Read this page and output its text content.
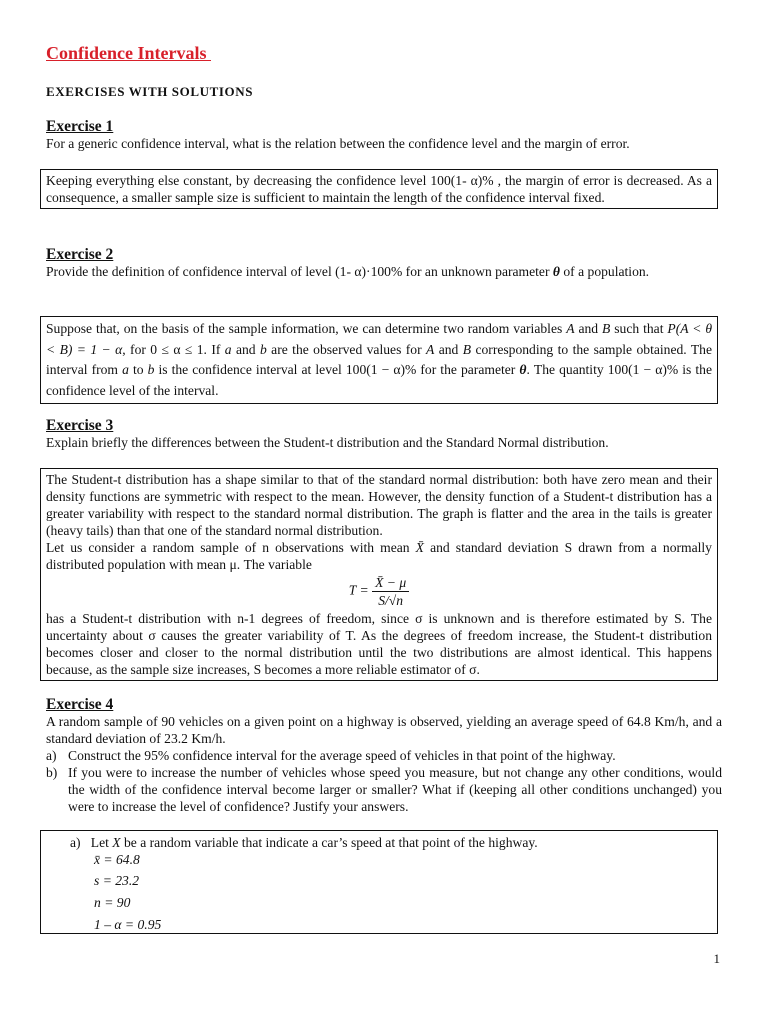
Confidence Intervals
EXERCISES WITH SOLUTIONS

Exercise 1

For a generic confidence interval, what is the relation between the confidence level and the margin of error.

Keeping everything else constant, by decreasing the confidence level 100(1- α)% , the margin of error is decreased. As a consequence, a smaller sample size is sufficient to maintain the length of the confidence interval fixed.

Exercise 2

Provide the definition of confidence interval of level (1- α)·100% for an unknown parameter θ of a population.

Suppose that, on the basis of the sample information, we can determine two random variables A and B such that P(A < θ < B) = 1 − α, for 0 ≤ α ≤ 1. If a and b are the observed values for A and B corresponding to the sample obtained. The interval from a to b is the confidence interval at level 100(1 − α)% for the parameter θ. The quantity 100(1 − α)% is the confidence level of the interval.

Exercise 3

Explain briefly the differences between the Student-t distribution and the Standard Normal distribution.

The Student-t distribution has a shape similar to that of the standard normal distribution: both have zero mean and their density functions are symmetric with respect to the mean. However, the density function of a Student-t distribution has a greater variability with respect to the standard normal distribution. The graph is flatter and the area in the tails is greater (heavy tails) than that one of the standard normal distribution.

Let us consider a random sample of n observations with mean X̄ and standard deviation S drawn from a normally distributed population with mean μ. The variable

$T = \frac{X̄ - \mu}{S/√n}$

has a Student-t distribution with n-1 degrees of freedom, since σ is unknown and is therefore estimated by S. The uncertainty about σ causes the greater variability of T. As the degrees of freedom increase, the Student-t distribution becomes closer and closer to the normal distribution until the two distributions are almost identical. This happens because, as the sample size increases, S becomes a more reliable estimator of σ.

Exercise 4

A random sample of 90 vehicles on a given point on a highway is observed, yielding an average speed of 64.8 Km/h, and a standard deviation of 23.2 Km/h.

a) Construct the 95% confidence interval for the average speed of vehicles in that point of the highway.
b) If you were to increase the number of vehicles whose speed you measure, but not change any other conditions, would the width of the confidence interval become larger or smaller? What if (keeping all other conditions unchanged) you were to increase the level of confidence? Justify your answers.
a) Let X be a random variable that indicate a car’s speed at that point of the highway.
x̄ = 64.8
s = 23.2
n = 90
1 – α = 0.95
1
